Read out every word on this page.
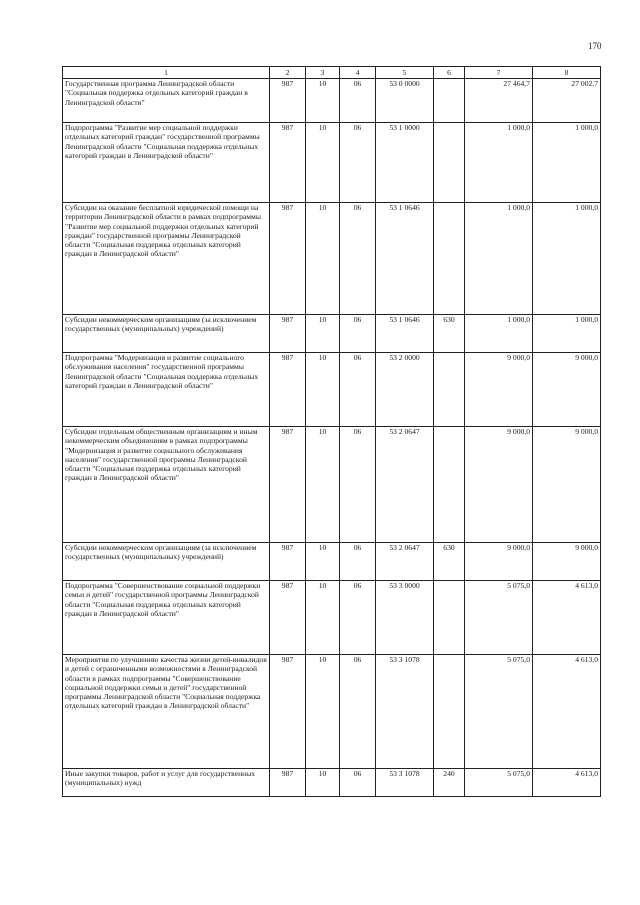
170
1	2	3	4	5	6	7	8
Государственная программа Ленинградской области "Социальная поддержка отдельных категорий граждан в Ленинградской области"	987	10	06	53 0 0000		27 464,7	27 002,7
Подпрограмма "Развитие мер социальной поддержки отдельных категорий граждан" государственной программы Ленинградской области "Социальная поддержка отдельных категорий граждан в Ленинградской области"	987	10	06	53 1 0000		1 000,0	1 000,0
Субсидии на оказание бесплатной юридической помощи на территории Ленинградской области в рамках подпрограммы "Развитие мер социальной поддержки отдельных категорий граждан" государственной программы Ленинградской области "Социальная поддержка отдельных категорий граждан в Ленинградской области"	987	10	06	53 1 0646		1 000,0	1 000,0
Субсидии некоммерческим организациям (за исключением государственных (муниципальных) учреждений)	987	10	06	53 1 0646	630	1 000,0	1 000,0
Подпрограмма "Модернизация и развитие социального обслуживания населения" государственной программы Ленинградской области "Социальная поддержка отдельных категорий граждан в Ленинградской области"	987	10	06	53 2 0000		9 000,0	9 000,0
Субсидии отдельным общественным организациям и иным некоммерческим объединениям в рамках подпрограммы "Модернизация и развитие социального обслуживания населения" государственной программы Ленинградской области "Социальная поддержка отдельных категорий граждан в Ленинградской области"	987	10	06	53 2 0647		9 000,0	9 000,0
Субсидии некоммерческим организациям (за исключением государственных (муниципальных) учреждений)	987	10	06	53 2 0647	630	9 000,0	9 000,0
Подпрограмма "Совершенствование социальной поддержки семьи и детей" государственной программы Ленинградской области "Социальная поддержка отдельных категорий граждан в Ленинградской области"	987	10	06	53 3 0000		5 075,0	4 613,0
Мероприятия по улучшению качества жизни детей-инвалидов и детей с ограниченными возможностями в Ленинградской области в рамках подпрограммы "Совершенствование социальной поддержки семьи и детей" государственной программы Ленинградской области "Социальная поддержка отдельных категорий граждан в Ленинградской области"	987	10	06	53 3 1078		5 075,0	4 613,0
Иные закупки товаров, работ и услуг для государственных (муниципальных) нужд	987	10	06	53 3 1078	240	5 075,0	4 613,0
